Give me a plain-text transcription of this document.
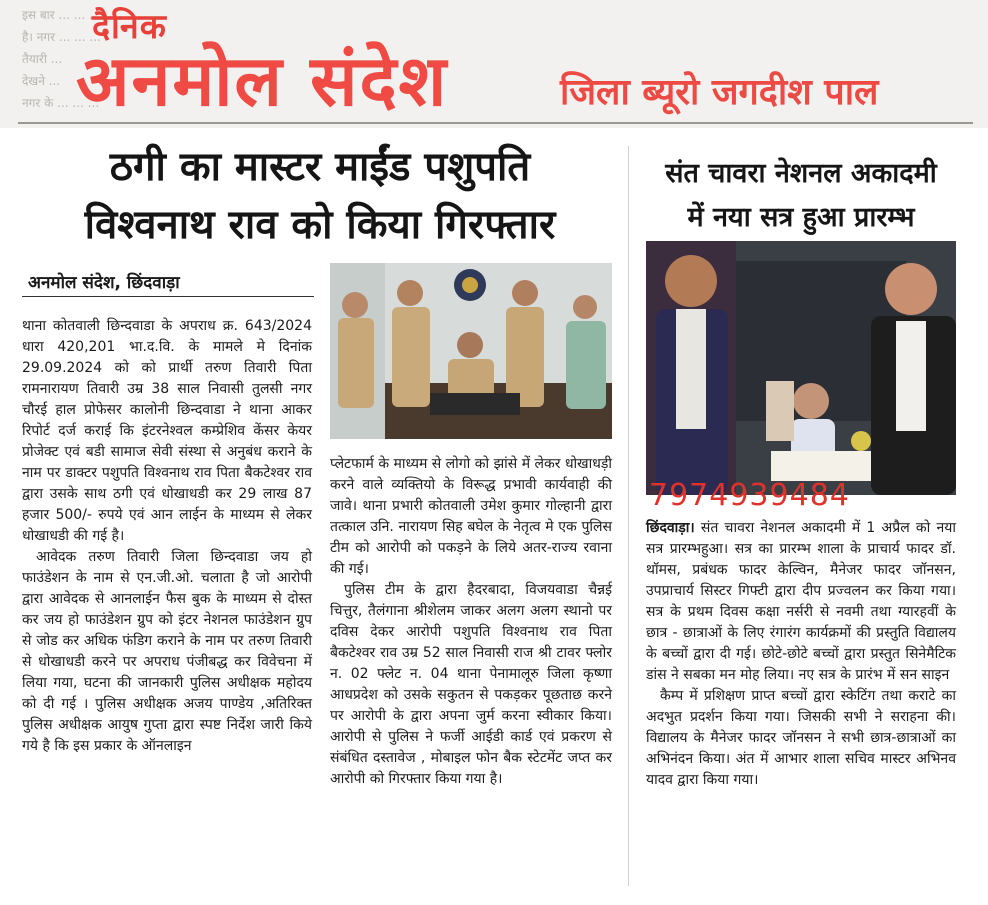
इस बार ... ... ...
है। नगर ... ... ...
तैयारी ...
देखने ...
नगर के ... ... ...
दैनिक
अनमोल संदेश	जिला ब्यूरो जगदीश पाल
ठगी का मास्टर माईंड पशुपति
विश्वनाथ राव को किया गिरफ्तार
अनमोल संदेश, छिंदवाड़ा

थाना कोतवाली छिन्दवाडा के अपराध क्र. 643/2024 धारा 420,201 भा.द.वि. के मामले मे दिनांक 29.09.2024 को को प्रार्थी तरुण तिवारी पिता रामनारायण तिवारी उम्र 38 साल निवासी तुलसी नगर चौरई हाल प्रोफेसर कालोनी छिन्दवाडा ने थाना आकर रिपोर्ट दर्ज कराई कि इंटरनेश्वल कम्प्रेशिव केंसर केयर प्रोजेक्ट एवं बडी सामाज सेवी संस्था से अनुबंध कराने के नाम पर डाक्टर पशुपति विश्वनाथ राव पिता बैकटेश्वर राव द्वारा उसके साथ ठगी एवं धोखाधडी कर 29 लाख 87 हजार 500/- रुपये एवं आन लाईन के माध्यम से लेकर धोखाधडी की गई है।

आवेदक तरुण तिवारी जिला छिन्दवाडा जय हो फाउंडेशन के नाम से एन.जी.ओ. चलाता है जो आरोपी द्वारा आवेदक से आनलाईन फैस बुक के माध्यम से दोस्त कर जय हो फाउंडेशन ग्रुप को इंटर नेशनल फाउंडेशन ग्रुप से जोड कर अधिक फंडिग कराने के नाम पर तरुण तिवारी से धोखाधडी करने पर अपराध पंजीबद्ध कर विवेचना में लिया गया, घटना की जानकारी पुलिस अधीक्षक महोदय को दी गई । पुलिस अधीक्षक अजय पाण्डेय ,अतिरिक्त पुलिस अधीक्षक आयुष गुप्ता द्वारा स्पष्ट निर्देश जारी किये गये है कि इस प्रकार के ऑनलाइन

प्लेटफार्म के माध्यम से लोगो को झांसे में लेकर धोखाधड़ी करने वाले व्यक्तियो के विरूद्ध प्रभावी कार्यवाही की जावे। थाना प्रभारी कोतवाली उमेश कुमार गोल्हानी द्वारा तत्काल उनि. नारायण सिह बघेल के नेतृत्व मे एक पुलिस टीम को आरोपी को पकड़ने के लिये अतर-राज्य रवाना की गई।

पुलिस टीम के द्वारा हैदरबादा, विजयवाडा चैन्नई चित्तुर, तैलंगाना श्रीशेलम जाकर अलग अलग स्थानो पर दविस देकर आरोपी पशुपति विश्वनाथ राव पिता बैकटेश्वर राव उम्र 52 साल निवासी राज श्री टावर फ्लोर न. 02 फ्लेट न. 04 थाना पेनामालूरु जिला कृष्णा आधप्रदेश को उसके सकुतन से पकड़कर पूछताछ करने पर आरोपी के द्वारा अपना जुर्म करना स्वीकार किया। आरोपी से पुलिस ने फर्जी आईडी कार्ड एवं प्रकरण से संबंधित दस्तावेज , मोबाइल फोन बैक स्टेटमेंट जप्त कर आरोपी को गिरफ्तार किया गया है।

संत चावरा नेशनल अकादमी
में नया सत्र हुआ प्रारम्भ
7974939484

छिंदवाड़ा। संत चावरा नेशनल अकादमी में 1 अप्रैल को नया सत्र प्रारम्भहुआ। सत्र का प्रारम्भ शाला के प्राचार्य फादर डॉ. थॉमस, प्रबंधक फादर केल्विन, मैनेजर फादर जॉनसन, उपप्राचार्य सिस्टर गिफ्टी द्वारा दीप प्रज्वलन कर किया गया। सत्र के प्रथम दिवस कक्षा नर्सरी से नवमी तथा ग्यारहवीं के छात्र - छात्राओं के लिए रंगारंग कार्यक्रमों की प्रस्तुति विद्यालय के बच्चों द्वारा दी गई। छोटे-छोटे बच्चों द्वारा प्रस्तुत सिनेमैटिक डांस ने सबका मन मोह लिया। नए सत्र के प्रारंभ में सन साइन

कैम्प में प्रशिक्षण प्राप्त बच्चों द्वारा स्केटिंग तथा कराटे का अदभुत प्रदर्शन किया गया। जिसकी सभी ने सराहना की। विद्यालय के मैनेजर फादर जॉनसन ने सभी छात्र-छात्राओं का अभिनंदन किया। अंत में आभार शाला सचिव मास्टर अभिनव यादव द्वारा किया गया।
